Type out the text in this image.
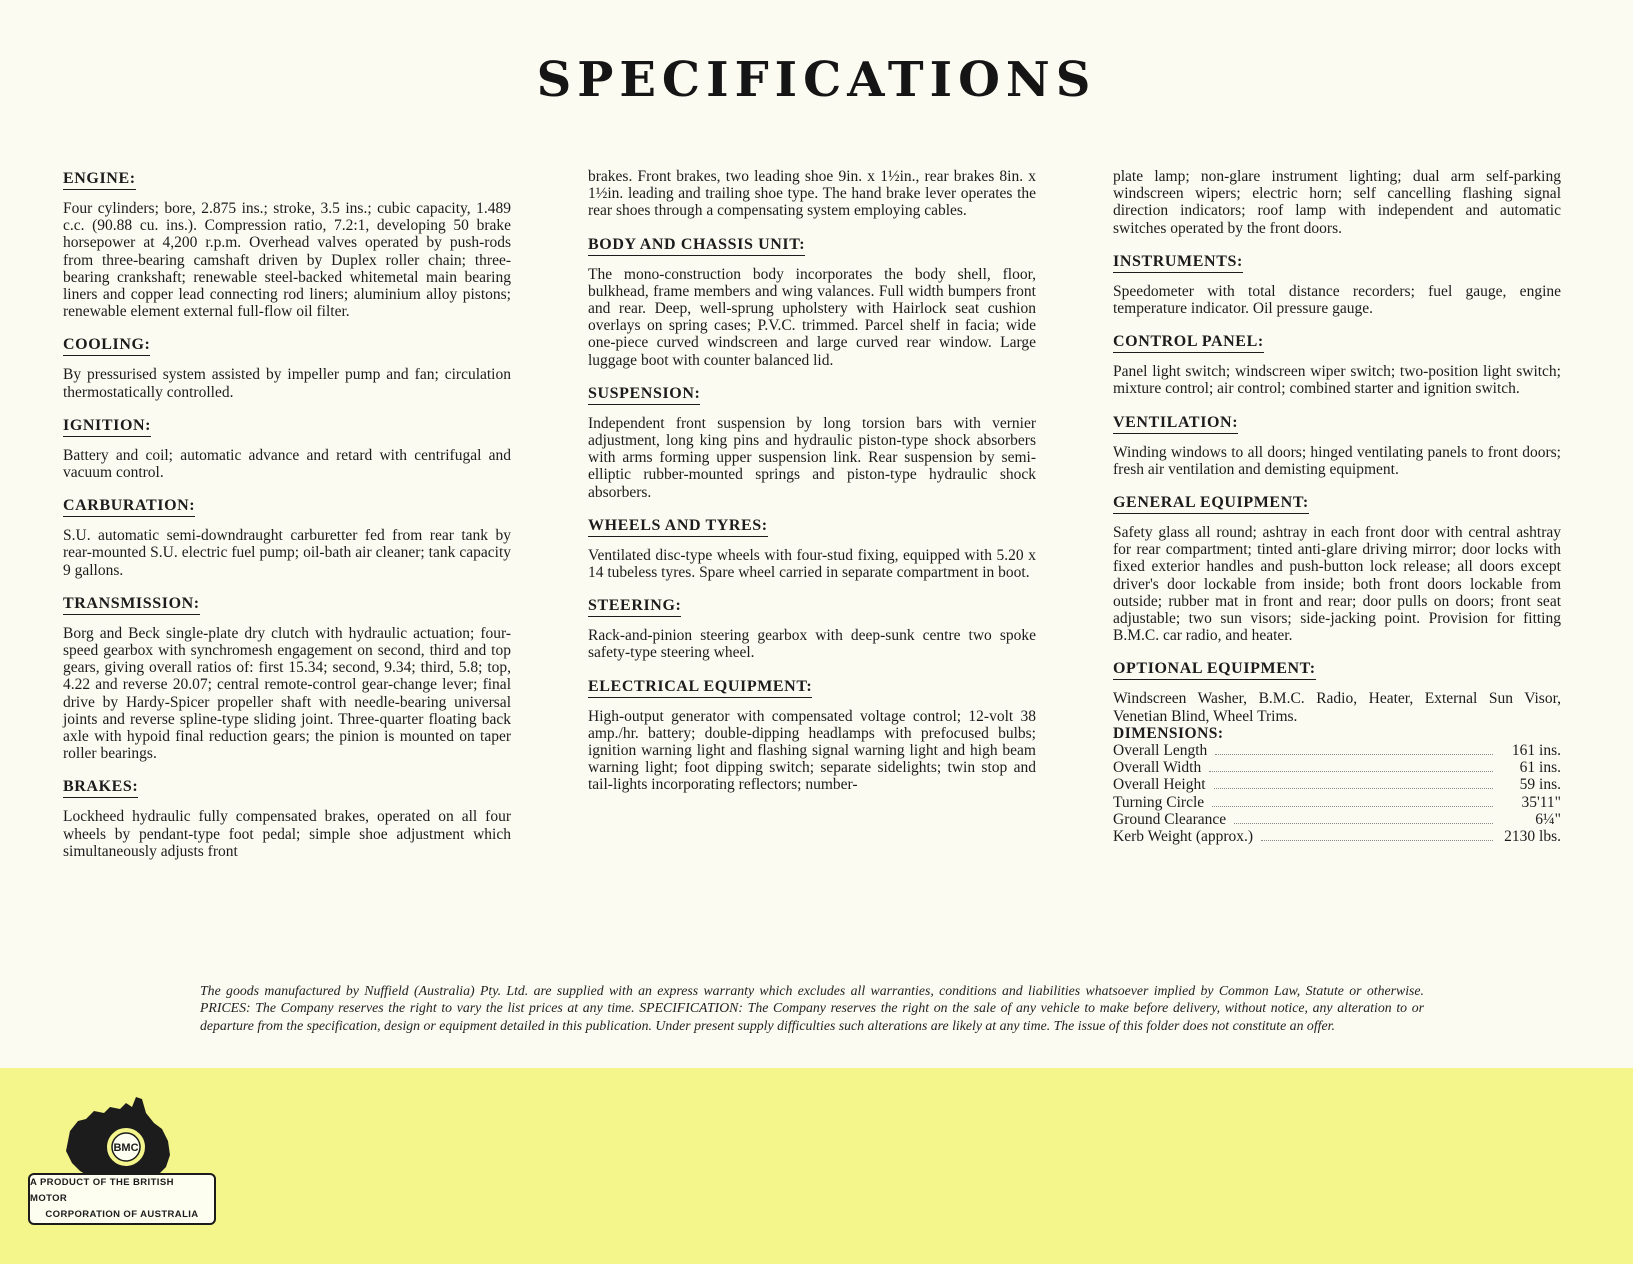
SPECIFICATIONS
ENGINE:

Four cylinders; bore, 2.875 ins.; stroke, 3.5 ins.; cubic capacity, 1.489 c.c. (90.88 cu. ins.). Compression ratio, 7.2:1, developing 50 brake horsepower at 4,200 r.p.m. Overhead valves operated by push-rods from three-bearing camshaft driven by Duplex roller chain; three-bearing crankshaft; renewable steel-backed whitemetal main bearing liners and copper lead connecting rod liners; aluminium alloy pistons; renewable element external full-flow oil filter.

COOLING:

By pressurised system assisted by impeller pump and fan; circulation thermostatically controlled.

IGNITION:

Battery and coil; automatic advance and retard with centrifugal and vacuum control.

CARBURATION:

S.U. automatic semi-downdraught carburetter fed from rear tank by rear-mounted S.U. electric fuel pump; oil-bath air cleaner; tank capacity 9 gallons.

TRANSMISSION:

Borg and Beck single-plate dry clutch with hydraulic actuation; four-speed gearbox with synchromesh engagement on second, third and top gears, giving overall ratios of: first 15.34; second, 9.34; third, 5.8; top, 4.22 and reverse 20.07; central remote-control gear-change lever; final drive by Hardy-Spicer propeller shaft with needle-bearing universal joints and reverse spline-type sliding joint. Three-quarter floating back axle with hypoid final reduction gears; the pinion is mounted on taper roller bearings.

BRAKES:

Lockheed hydraulic fully compensated brakes, operated on all four wheels by pendant-type foot pedal; simple shoe adjustment which simultaneously adjusts front

brakes. Front brakes, two leading shoe 9in. x 1½in., rear brakes 8in. x 1½in. leading and trailing shoe type. The hand brake lever operates the rear shoes through a compensating system employing cables.

BODY AND CHASSIS UNIT:

The mono-construction body incorporates the body shell, floor, bulkhead, frame members and wing valances. Full width bumpers front and rear. Deep, well-sprung upholstery with Hairlock seat cushion overlays on spring cases; P.V.C. trimmed. Parcel shelf in facia; wide one-piece curved windscreen and large curved rear window. Large luggage boot with counter balanced lid.

SUSPENSION:

Independent front suspension by long torsion bars with vernier adjustment, long king pins and hydraulic piston-type shock absorbers with arms forming upper suspension link. Rear suspension by semi-elliptic rubber-mounted springs and piston-type hydraulic shock absorbers.

WHEELS AND TYRES:

Ventilated disc-type wheels with four-stud fixing, equipped with 5.20 x 14 tubeless tyres. Spare wheel carried in separate compartment in boot.

STEERING:

Rack-and-pinion steering gearbox with deep-sunk centre two spoke safety-type steering wheel.

ELECTRICAL EQUIPMENT:

High-output generator with compensated voltage control; 12-volt 38 amp./hr. battery; double-dipping headlamps with prefocused bulbs; ignition warning light and flashing signal warning light and high beam warning light; foot dipping switch; separate sidelights; twin stop and tail-lights incorporating reflectors; number-

plate lamp; non-glare instrument lighting; dual arm self-parking windscreen wipers; electric horn; self cancelling flashing signal direction indicators; roof lamp with independent and automatic switches operated by the front doors.

INSTRUMENTS:

Speedometer with total distance recorders; fuel gauge, engine temperature indicator. Oil pressure gauge.

CONTROL PANEL:

Panel light switch; windscreen wiper switch; two-position light switch; mixture control; air control; combined starter and ignition switch.

VENTILATION:

Winding windows to all doors; hinged ventilating panels to front doors; fresh air ventilation and demisting equipment.

GENERAL EQUIPMENT:

Safety glass all round; ashtray in each front door with central ashtray for rear compartment; tinted anti-glare driving mirror; door locks with fixed exterior handles and push-button lock release; all doors except driver's door lockable from inside; both front doors lockable from outside; rubber mat in front and rear; door pulls on doors; front seat adjustable; two sun visors; side-jacking point. Provision for fitting B.M.C. car radio, and heater.

OPTIONAL EQUIPMENT:

Windscreen Washer, B.M.C. Radio, Heater, External Sun Visor, Venetian Blind, Wheel Trims.

DIMENSIONS:
Overall Length	161 ins.
Overall Width	61 ins.
Overall Height	59 ins.
Turning Circle	35'11"
Ground Clearance	6¼"
Kerb Weight (approx.)	2130 lbs.

The goods manufactured by Nuffield (Australia) Pty. Ltd. are supplied with an express warranty which excludes all warranties, conditions and liabilities whatsoever implied by Common Law, Statute or otherwise. PRICES: The Company reserves the right to vary the list prices at any time. SPECIFICATION: The Company reserves the right on the sale of any vehicle to make before delivery, without notice, any alteration to or departure from the specification, design or equipment detailed in this publication. Under present supply difficulties such alterations are likely at any time. The issue of this folder does not constitute an offer.

BMC
A PRODUCT OF THE BRITISH MOTOR
CORPORATION OF AUSTRALIA
